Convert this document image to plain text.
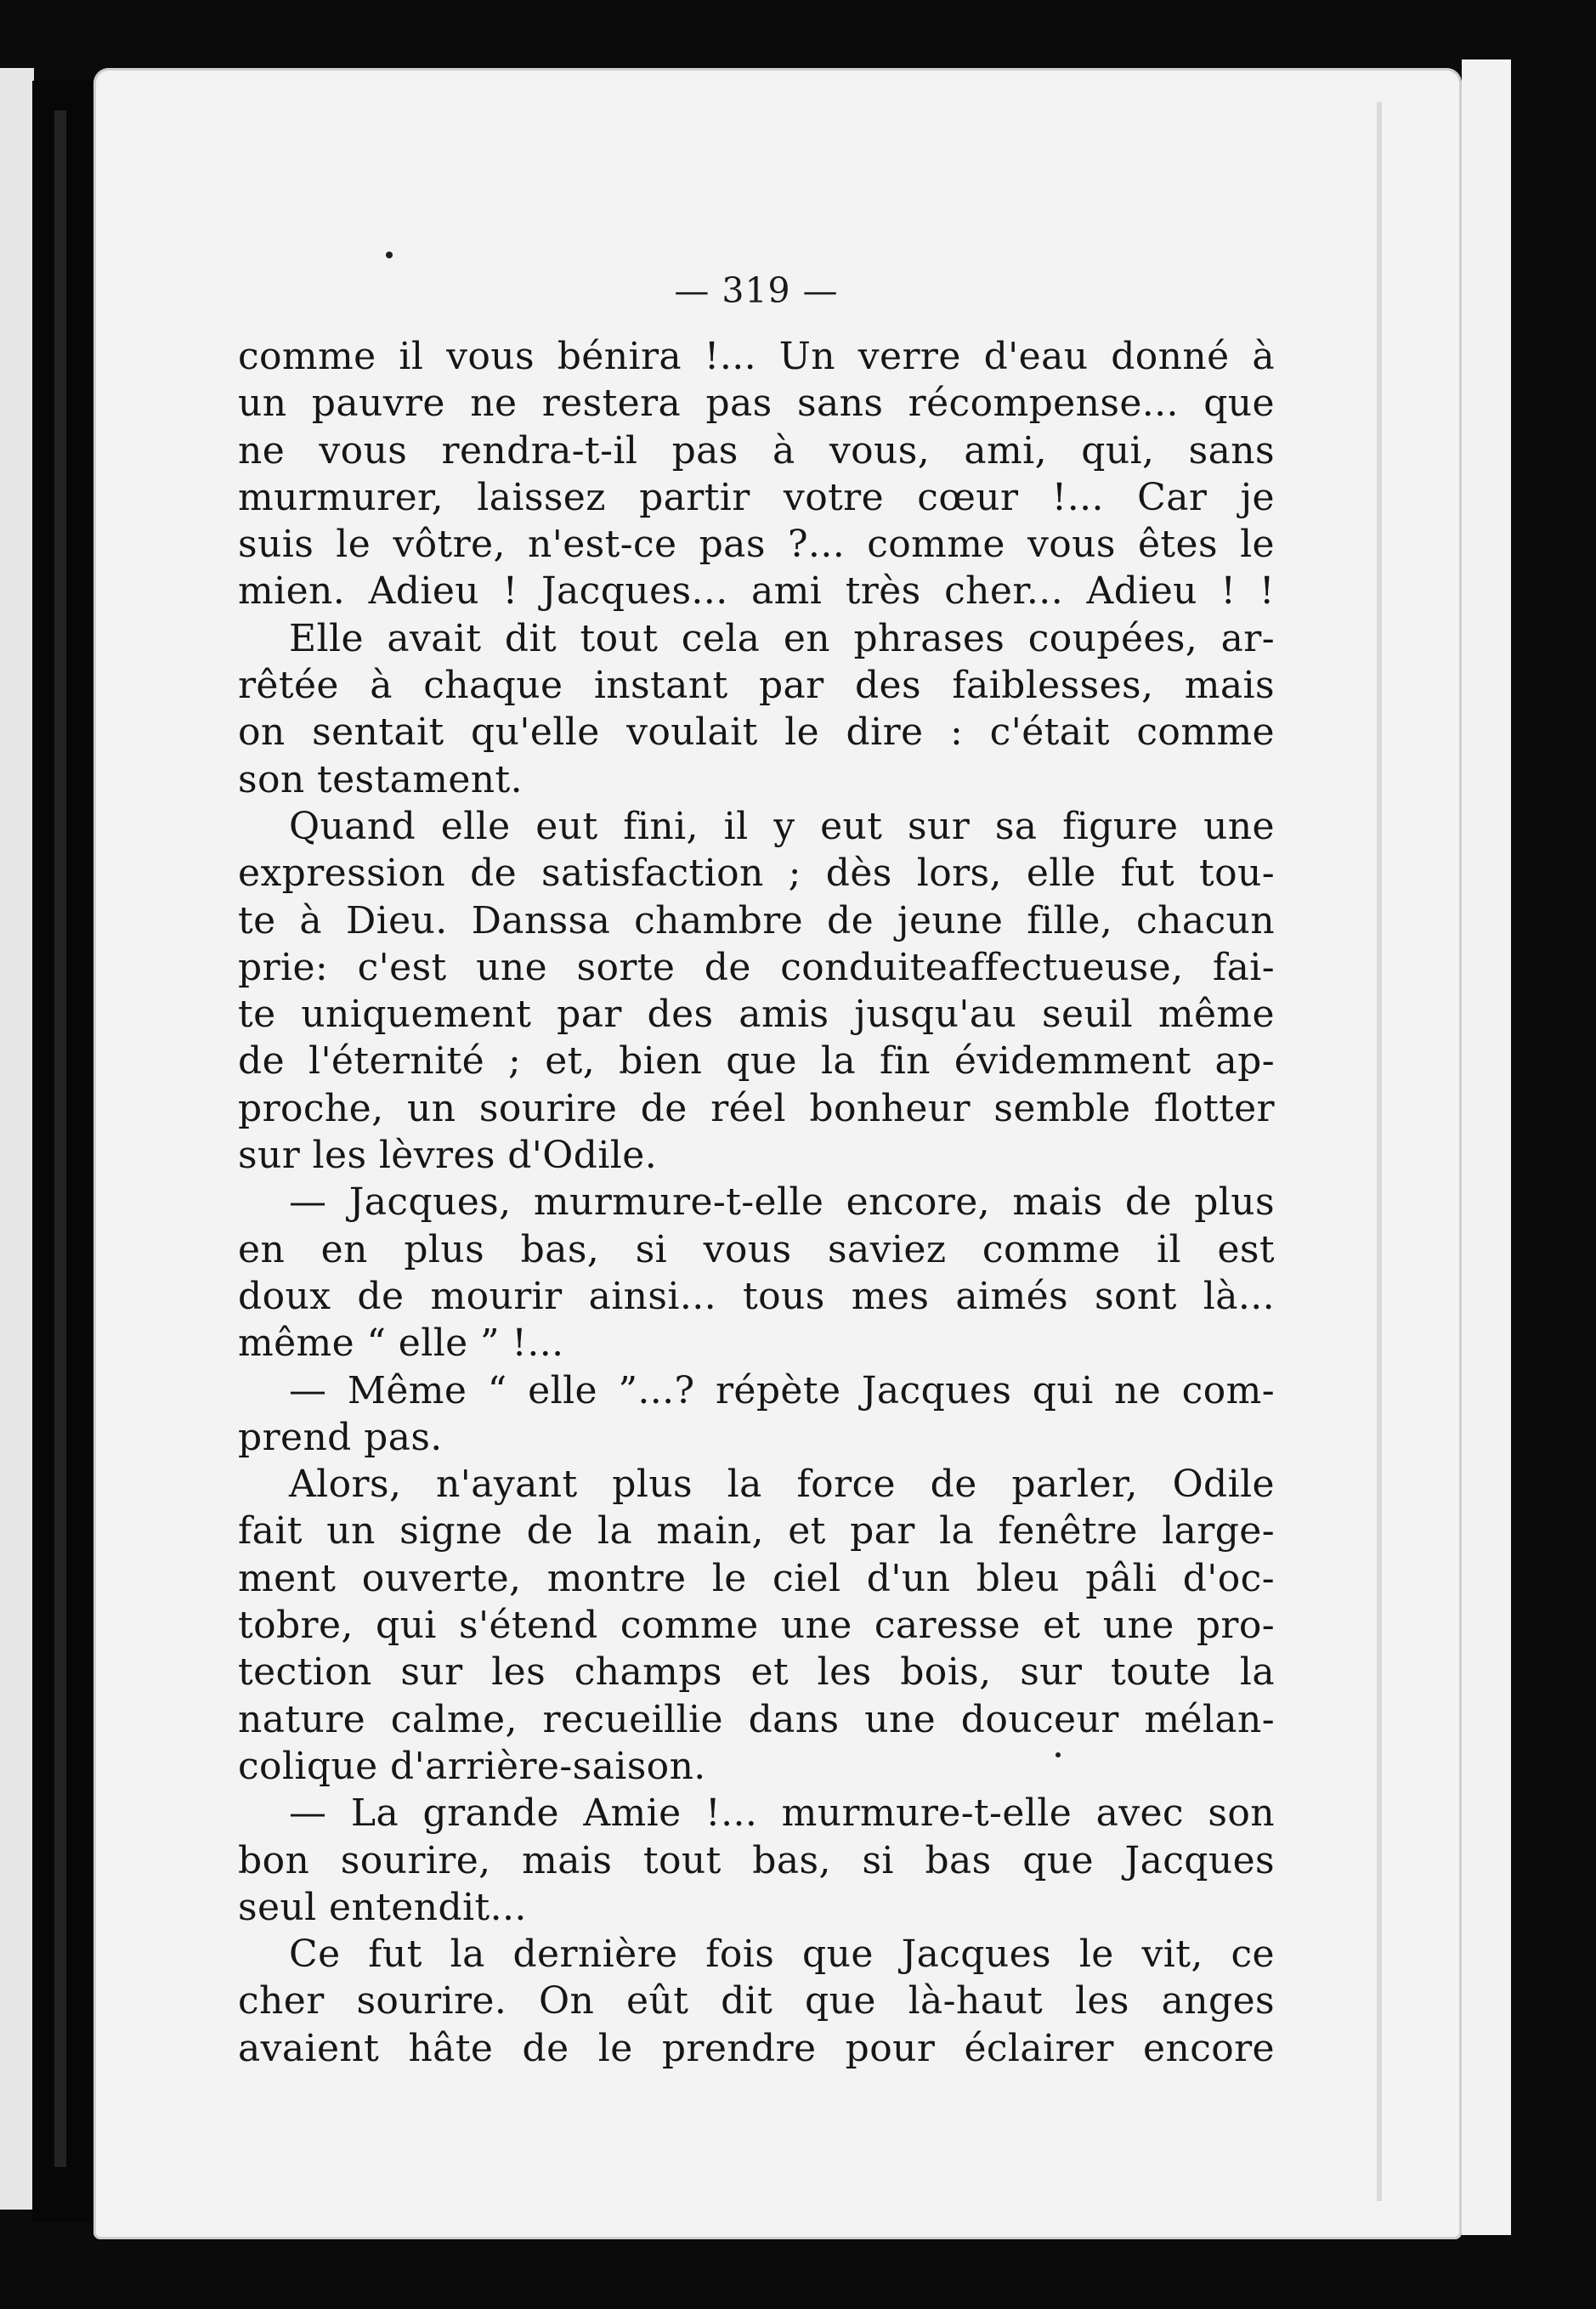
— 319 —
comme il vous bénira !... Un verre d'eau donné à
un pauvre ne restera pas sans récompense... que
ne vous rendra-t-il pas à vous, ami, qui, sans
murmurer, laissez partir votre cœur !... Car je
suis le vôtre, n'est-ce pas ?... comme vous êtes le
mien. Adieu ! Jacques... ami très cher... Adieu ! !
Elle avait dit tout cela en phrases coupées, ar-
rêtée à chaque instant par des faiblesses, mais
on sentait qu'elle voulait le dire : c'était comme
son testament.
Quand elle eut fini, il y eut sur sa figure une
expression de satisfaction ; dès lors, elle fut tou-
te à Dieu. Danssa chambre de jeune fille, chacun
prie: c'est une sorte de conduiteaffectueuse, fai-
te uniquement par des amis jusqu'au seuil même
de l'éternité ; et, bien que la fin évidemment ap-
proche, un sourire de réel bonheur semble flotter
sur les lèvres d'Odile.
— Jacques, murmure-t-elle encore, mais de plus
en en plus bas, si vous saviez comme il est
doux de mourir ainsi... tous mes aimés sont là...
même “ elle ” !...
— Même “ elle ”...? répète Jacques qui ne com-
prend pas.
Alors, n'ayant plus la force de parler, Odile
fait un signe de la main, et par la fenêtre large-
ment ouverte, montre le ciel d'un bleu pâli d'oc-
tobre, qui s'étend comme une caresse et une pro-
tection sur les champs et les bois, sur toute la
nature calme, recueillie dans une douceur mélan-
colique d'arrière-saison.
— La grande Amie !... murmure-t-elle avec son
bon sourire, mais tout bas, si bas que Jacques
seul entendit...
Ce fut la dernière fois que Jacques le vit, ce
cher sourire. On eût dit que là-haut les anges
avaient hâte de le prendre pour éclairer encore
